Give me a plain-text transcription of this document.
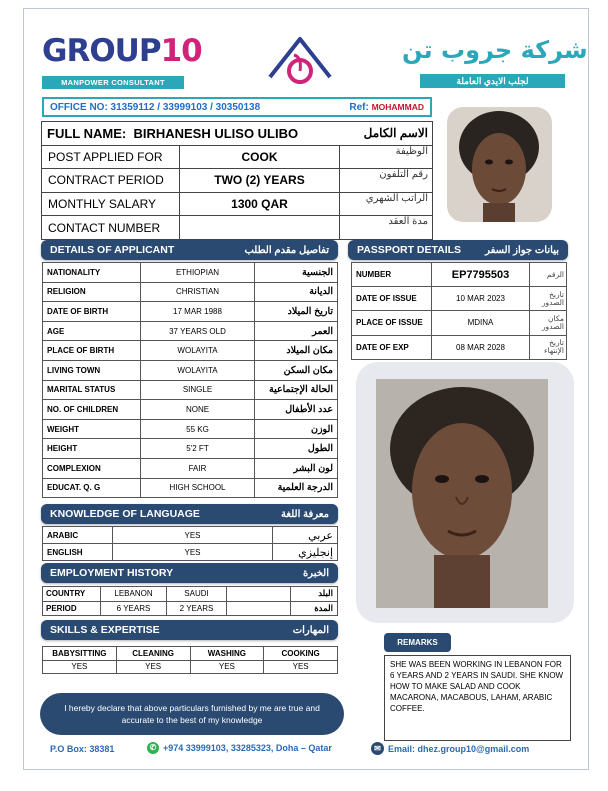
GROUP10
MANPOWER CONSULTANT
شركة جروب تن
لجلب الايدي العاملة
OFFICE NO: 31359112 / 33999103 / 30350138	Ref: MOHAMMAD
FULL NAME: BIRHANESH ULISO ULIBO الاسم الكامل		

POST APPLIED FOR	COOK	الوظيفة
CONTRACT PERIOD	TWO (2) YEARS	رقم التلفون
MONTHLY SALARY	1300 QAR	الراتب الشهري
CONTACT NUMBER		مدة العقد
DETAILS OF APPLICANT	تفاصيل مقدم الطلب
NATIONALITY	ETHIOPIAN	الجنسية
RELIGION	CHRISTIAN	الديانة
DATE OF BIRTH	17 MAR 1988	تاريخ الميلاد
AGE	37 YEARS OLD	العمر
PLACE OF BIRTH	WOLAYITA	مكان الميلاد
LIVING TOWN	WOLAYITA	مكان السكن
MARITAL STATUS	SINGLE	الحالة الإجتماعية
NO. OF CHILDREN	NONE	عدد الأطفال
WEIGHT	55 KG	الوزن
HEIGHT	5'2 FT	الطول
COMPLEXION	FAIR	لون البشر
EDUCAT. Q. G	HIGH SCHOOL	الدرجة العلمية
PASSPORT DETAILS بيانات جواز السفر
NUMBER	EP7795503	الرقم
DATE OF ISSUE	10 MAR 2023	تاريخ الصدور
PLACE OF ISSUE	MDINA	مكان الصدور
DATE OF EXP	08 MAR 2028	تاريخ الإنتهاء
KNOWLEDGE OF LANGUAGE	معرفة اللغة
ARABIC	YES	عربي
ENGLISH	YES	إنجليزي
EMPLOYMENT HISTORY	الخبرة
COUNTRY	LEBANON	SAUDI		البلد
PERIOD	6 YEARS	2 YEARS		المدة
SKILLS & EXPERTISE	المهارات
BABYSITTING	CLEANING	WASHING	COOKING
YES	YES	YES	YES
REMARKS
SHE WAS BEEN WORKING IN LEBANON FOR 6 YEARS AND 2 YEARS IN SAUDI. SHE KNOW HOW TO MAKE SALAD AND COOK MACARONA, MACABOUS, LAHAM, ARABIC COFFEE.
I hereby declare that above particulars furnished by me are true and accurate to the best of my knowledge
P.O Box: 38381	✆ +974 33999103, 33285323, Doha – Qatar	✉ Email: dhez.group10@gmail.com
